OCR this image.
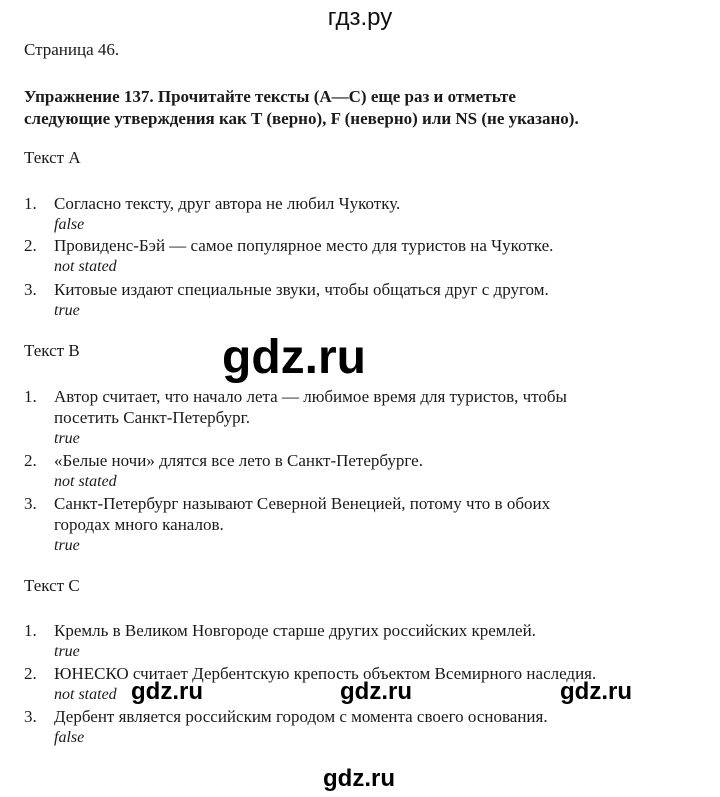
гдз.ру
Страница 46.
Упражнение 137. Прочитайте тексты (A—C) еще раз и отметьте
следующие утверждения как T (верно), F (неверно) или NS (не указано).
Текст А
1. Согласно тексту, друг автора не любил Чукотку.
false
2. Провиденс-Бэй — самое популярное место для туристов на Чукотке.
not stated
3. Китовые издают специальные звуки, чтобы общаться друг с другом.
true
Текст B
1. Автор считает, что начало лета — любимое время для туристов, чтобы
посетить Санкт-Петербург.
true
2. «Белые ночи» длятся все лето в Санкт-Петербурге.
not stated
3. Санкт-Петербург называют Северной Венецией, потому что в обоих
городах много каналов.
true
Текст С
1. Кремль в Великом Новгороде старше других российских кремлей.
true
2. ЮНЕСКО считает Дербентскую крепость объектом Всемирного наследия.
not stated
3. Дербент является российским городом с момента своего основания.
false
gdz.ru
gdz.ru	gdz.ru	gdz.ru
gdz.ru
